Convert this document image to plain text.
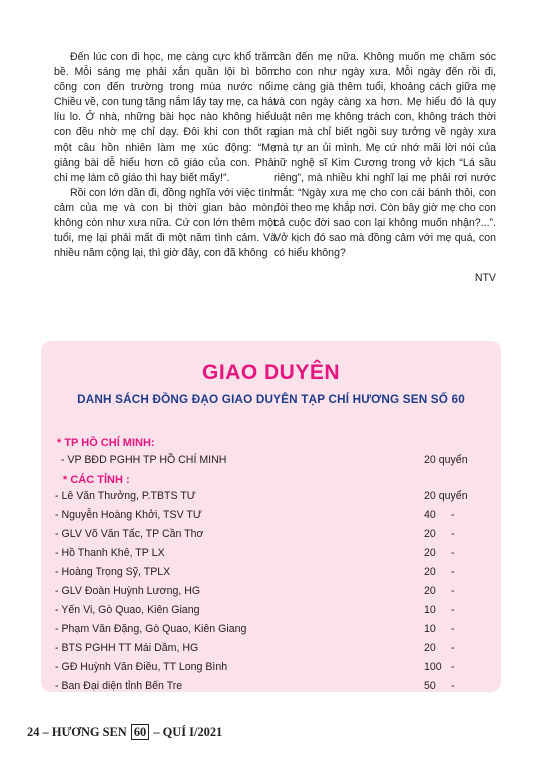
Đến lúc con đi học, mẹ càng cực khổ trăm bề. Mỗi sáng mẹ phải xắn quần lội bì bõm cõng con đến trường trong mùa nước nổi. Chiều về, con tung tăng nắm lấy tay mẹ, ca hát líu lo. Ở nhà, những bài học nào không hiểu con đều nhờ mẹ chỉ dạy. Đôi khi con thốt ra một câu hồn nhiên làm mẹ xúc động: “Mẹ giảng bài dễ hiểu hơn cô giáo của con. Phải chi mẹ làm cô giáo thì hay biết mấy!”.

Rồi con lớn dần đi, đồng nghĩa với việc tình cảm của mẹ và con bị thời gian bào mòn, không còn như xưa nữa. Cứ con lớn thêm một tuổi, mẹ lại phải mất đi một năm tình cảm. Và nhiều năm cộng lại, thì giờ đây, con đã không

cần đến mẹ nữa. Không muốn mẹ chăm sóc cho con như ngày xưa. Mỗi ngày đến rồi đi, mẹ càng già thêm tuổi, khoảng cách giữa mẹ và con ngày càng xa hơn. Mẹ hiểu đó là quy luật nên mẹ không trách con, không trách thời gian mà chỉ biết ngồi suy tưởng về ngày xưa mà tự an ủi mình. Mẹ cứ nhớ mãi lời nói của nữ nghệ sĩ Kim Cương trong vở kịch “Lá sầu riêng”, mà nhiều khi nghĩ lại mẹ phải rơi nước mắt: “Ngày xưa mẹ cho con cái bánh thôi, con đòi theo mẹ khắp nơi. Còn bây giờ mẹ cho con cả cuộc đời sao con lại không muốn nhận?...”. Vở kịch đó sao mà đồng cảm với mẹ quá, con có hiểu không?

NTV

GIAO DUYÊN
DANH SÁCH ĐỒNG ĐẠO GIAO DUYÊN TẠP CHÍ HƯƠNG SEN SỐ 60
* TP HỒ CHÍ MINH:
- VP BĐD PGHH TP HỒ CHÍ MINH	20 quyển
* CÁC TỈNH :
- Lê Văn Thưởng, P.TBTS TƯ	20 quyển
- Nguyễn Hoàng Khởi, TSV TƯ	40 -
- GLV Võ Văn Tấc, TP Cần Thơ	20 -
- Hồ Thanh Khê, TP LX	20 -
- Hoàng Trọng Sỹ, TPLX	20 -
- GLV Đoàn Huỳnh Lương, HG	20 -
- Yến Vi, Gò Quao, Kiên Giang	10 -
- Phạm Văn Đặng, Gò Quao, Kiên Giang	10 -
- BTS PGHH TT Mái Dầm, HG	20 -
- GĐ Huỳnh Văn Điều, TT Long Bình	100 -
- Ban Đại diện tỉnh Bến Tre	50 -
24 – HƯƠNG SEN 60 – QUÍ I/2021
